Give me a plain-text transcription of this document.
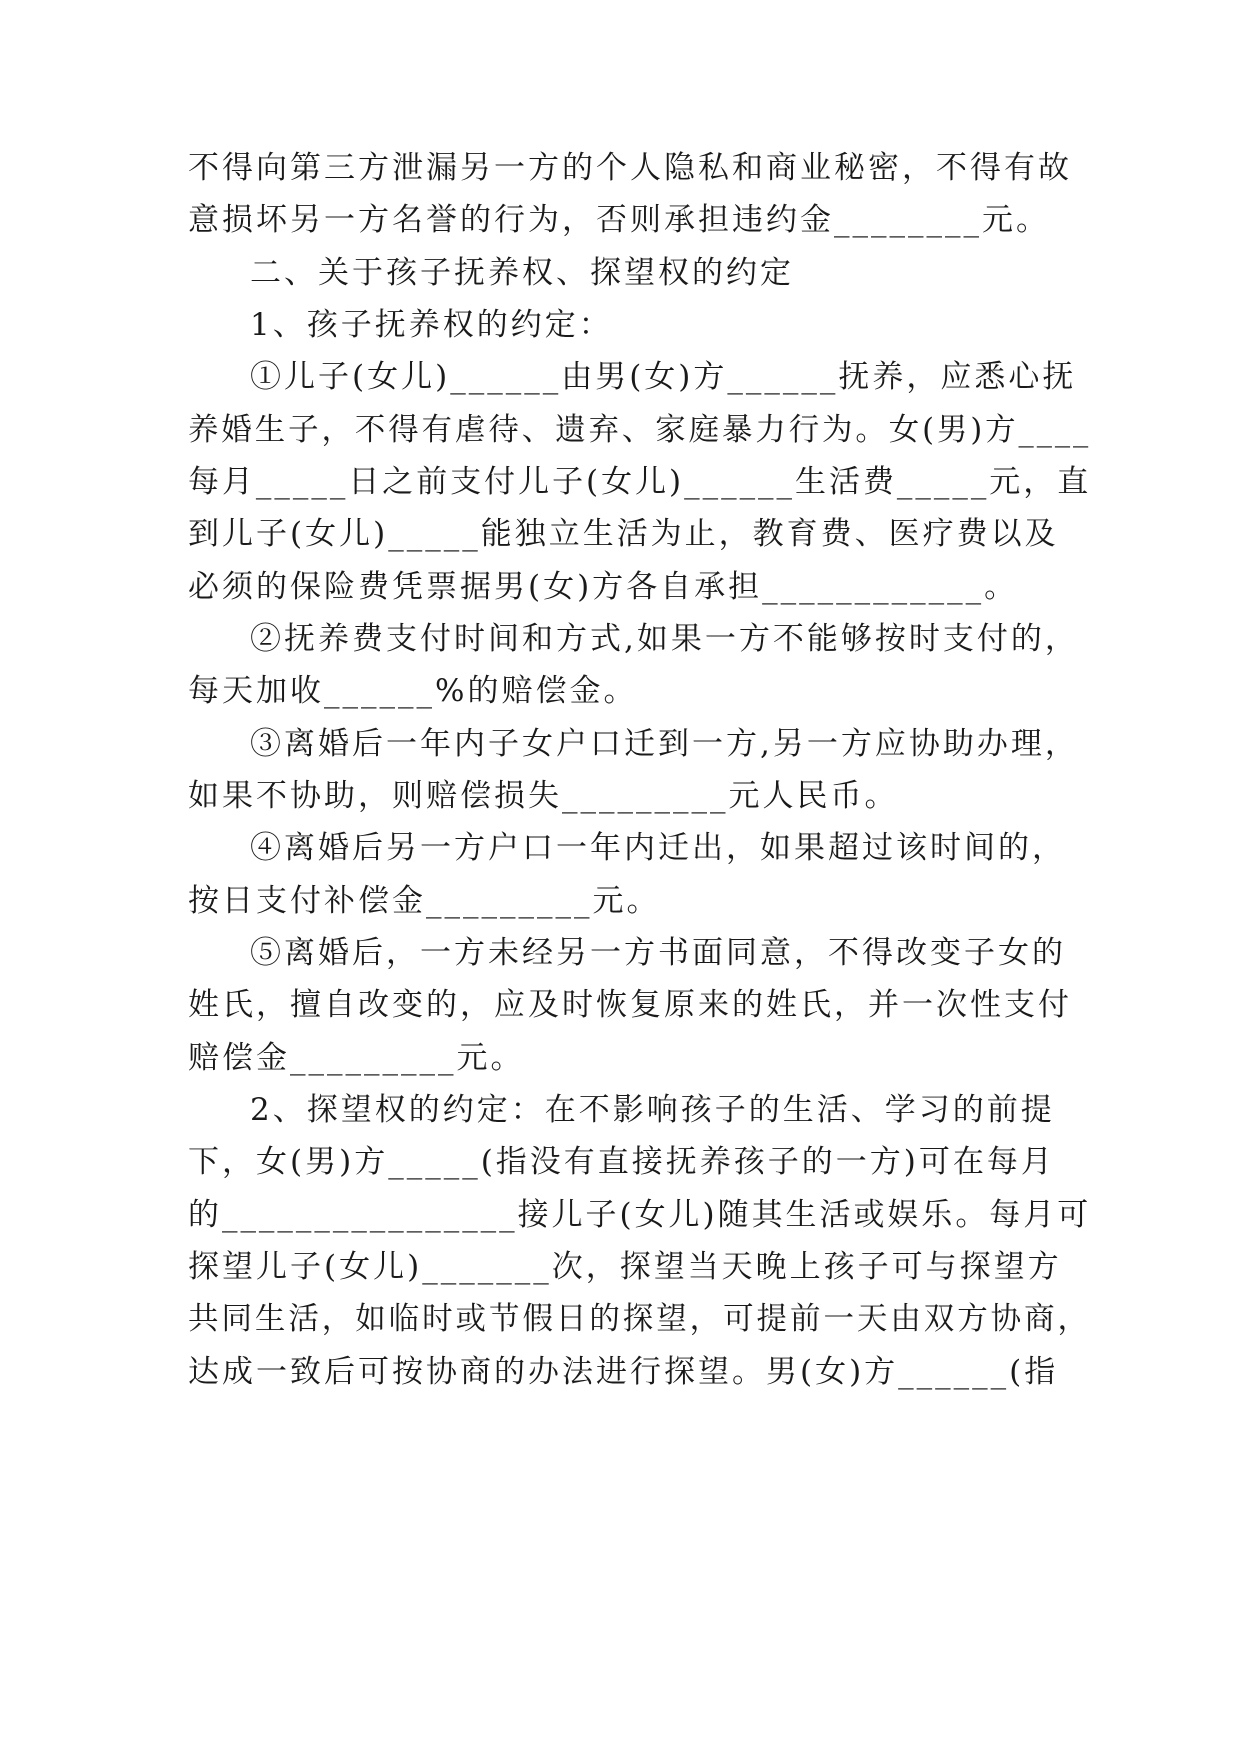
不得向第三方泄漏另一方的个人隐私和商业秘密，不得有故
意损坏另一方名誉的行为，否则承担违约金________元。
二、关于孩子抚养权、探望权的约定
1、孩子抚养权的约定：
①儿子(女儿)______由男(女)方______抚养，应悉心抚
养婚生子，不得有虐待、遗弃、家庭暴力行为。女(男)方____
每月_____日之前支付儿子(女儿)______生活费_____元，直
到儿子(女儿)_____能独立生活为止，教育费、医疗费以及
必须的保险费凭票据男(女)方各自承担____________。
②抚养费支付时间和方式,如果一方不能够按时支付的，
每天加收______%的赔偿金。
③离婚后一年内子女户口迁到一方,另一方应协助办理，
如果不协助，则赔偿损失_________元人民币。
④离婚后另一方户口一年内迁出，如果超过该时间的，
按日支付补偿金_________元。
⑤离婚后，一方未经另一方书面同意，不得改变子女的
姓氏，擅自改变的，应及时恢复原来的姓氏，并一次性支付
赔偿金_________元。
2、探望权的约定：在不影响孩子的生活、学习的前提
下，女(男)方_____(指没有直接抚养孩子的一方)可在每月
的________________接儿子(女儿)随其生活或娱乐。每月可
探望儿子(女儿)_______次，探望当天晚上孩子可与探望方
共同生活，如临时或节假日的探望，可提前一天由双方协商，
达成一致后可按协商的办法进行探望。男(女)方______(指
